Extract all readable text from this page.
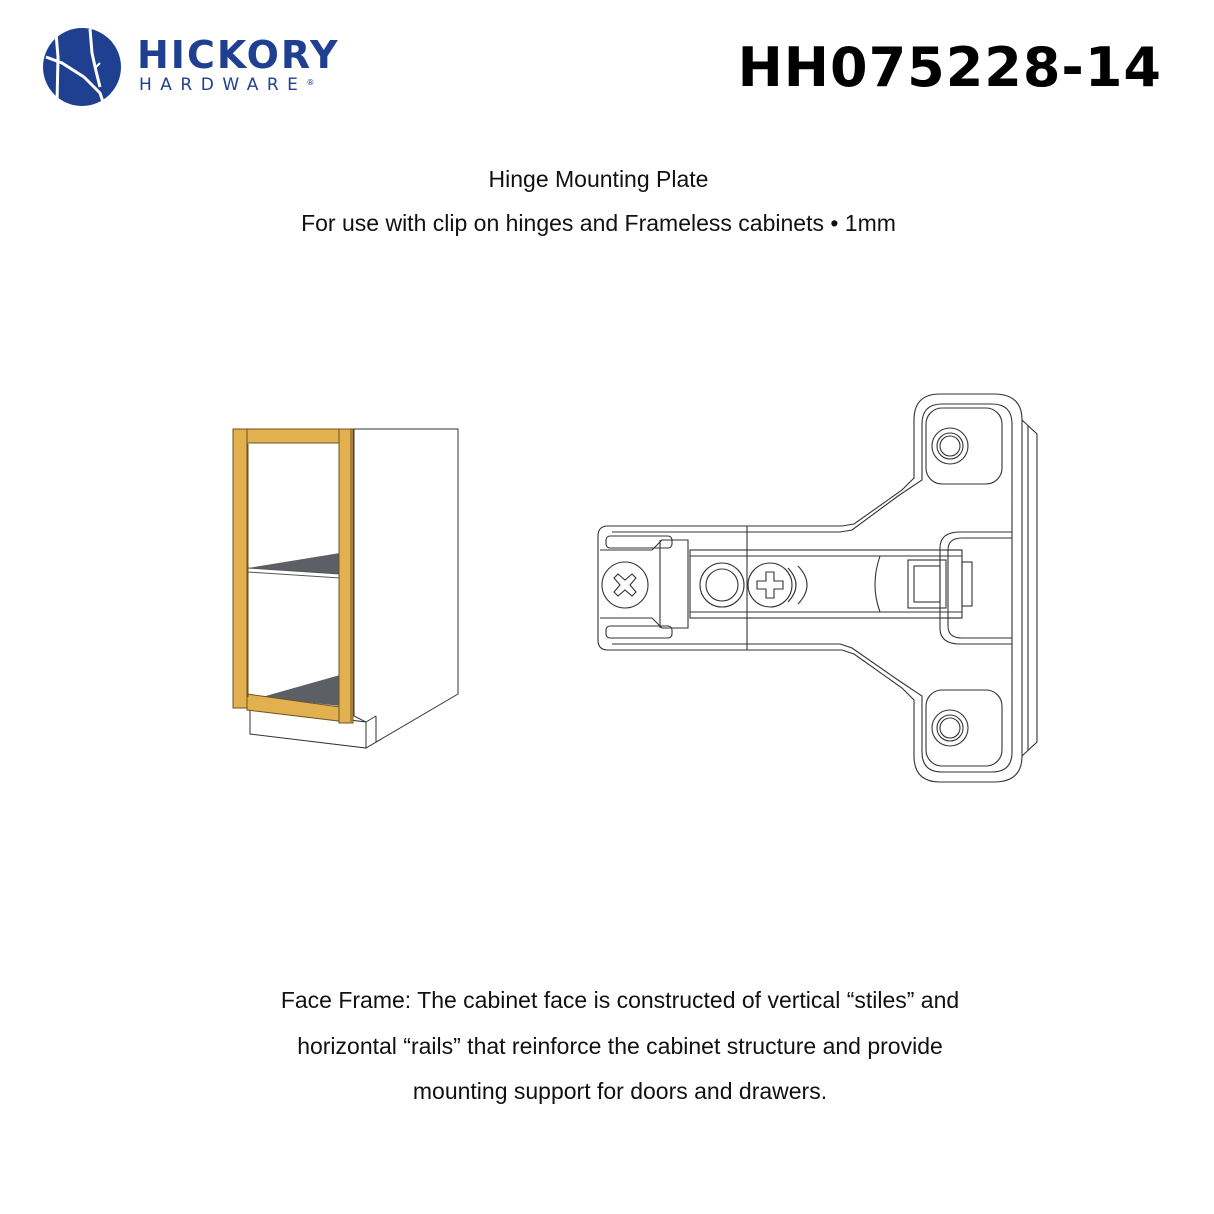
HICKORY
HARDWARE®	HH075228-14
Hinge Mounting Plate
For use with clip on hinges and Frameless cabinets • 1mm
Face Frame: The cabinet face is constructed of vertical “stiles” and
horizontal “rails” that reinforce the cabinet structure and provide
mounting support for doors and drawers.
